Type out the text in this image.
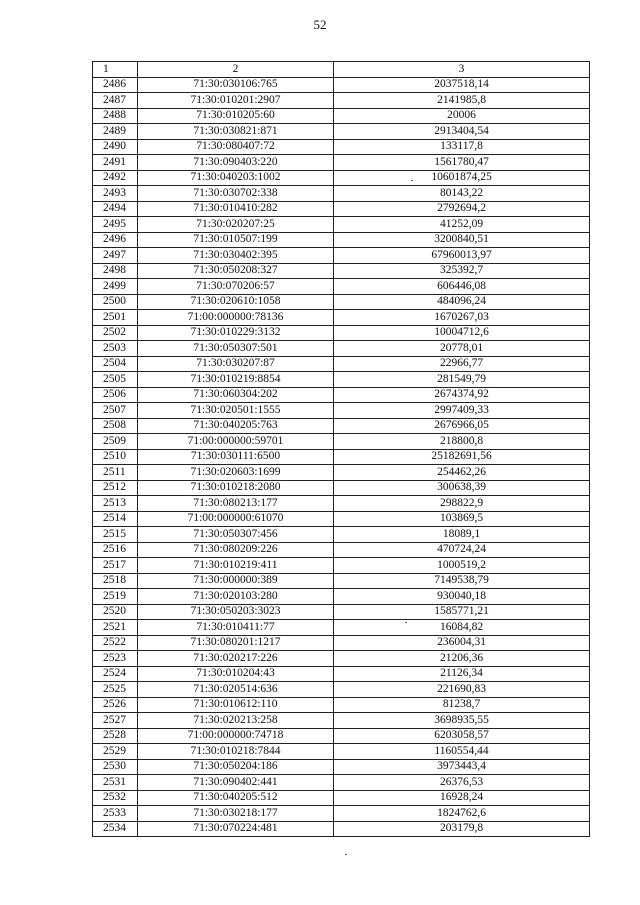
52
1	2	3
2486	71:30:030106:765	2037518,14
2487	71:30:010201:2907	2141985,8
2488	71:30:010205:60	20006
2489	71:30:030821:871	2913404,54
2490	71:30:080407:72	133117,8
2491	71:30:090403:220	1561780,47
2492	71:30:040203:1002	10601874,25
2493	71:30:030702:338	80143,22
2494	71:30:010410:282	2792694,2
2495	71:30:020207:25	41252,09
2496	71:30:010507:199	3200840,51
2497	71:30:030402:395	67960013,97
2498	71:30:050208:327	325392,7
2499	71:30:070206:57	606446,08
2500	71:30:020610:1058	484096,24
2501	71:00:000000:78136	1670267,03
2502	71:30:010229:3132	10004712,6
2503	71:30:050307:501	20778,01
2504	71:30:030207:87	22966,77
2505	71:30:010219:8854	281549,79
2506	71:30:060304:202	2674374,92
2507	71:30:020501:1555	2997409,33
2508	71:30:040205:763	2676966,05
2509	71:00:000000:59701	218800,8
2510	71:30:030111:6500	25182691,56
2511	71:30:020603:1699	254462,26
2512	71:30:010218:2080	300638,39
2513	71:30:080213:177	298822,9
2514	71:00:000000:61070	103869,5
2515	71:30:050307:456	18089,1
2516	71:30:080209:226	470724,24
2517	71:30:010219:411	1000519,2
2518	71:30:000000:389	7149538,79
2519	71:30:020103:280	930040,18
2520	71:30:050203:3023	1585771,21
2521	71:30:010411:77	16084,82
2522	71:30:080201:1217	236004,31
2523	71:30:020217:226	21206,36
2524	71:30:010204:43	21126,34
2525	71:30:020514:636	221690,83
2526	71:30:010612:110	81238,7
2527	71:30:020213:258	3698935,55
2528	71:00:000000:74718	6203058,57
2529	71:30:010218:7844	1160554,44
2530	71:30:050204:186	3973443,4
2531	71:30:090402:441	26376,53
2532	71:30:040205:512	16928,24
2533	71:30:030218:177	1824762,6
2534	71:30:070224:481	203179,8
